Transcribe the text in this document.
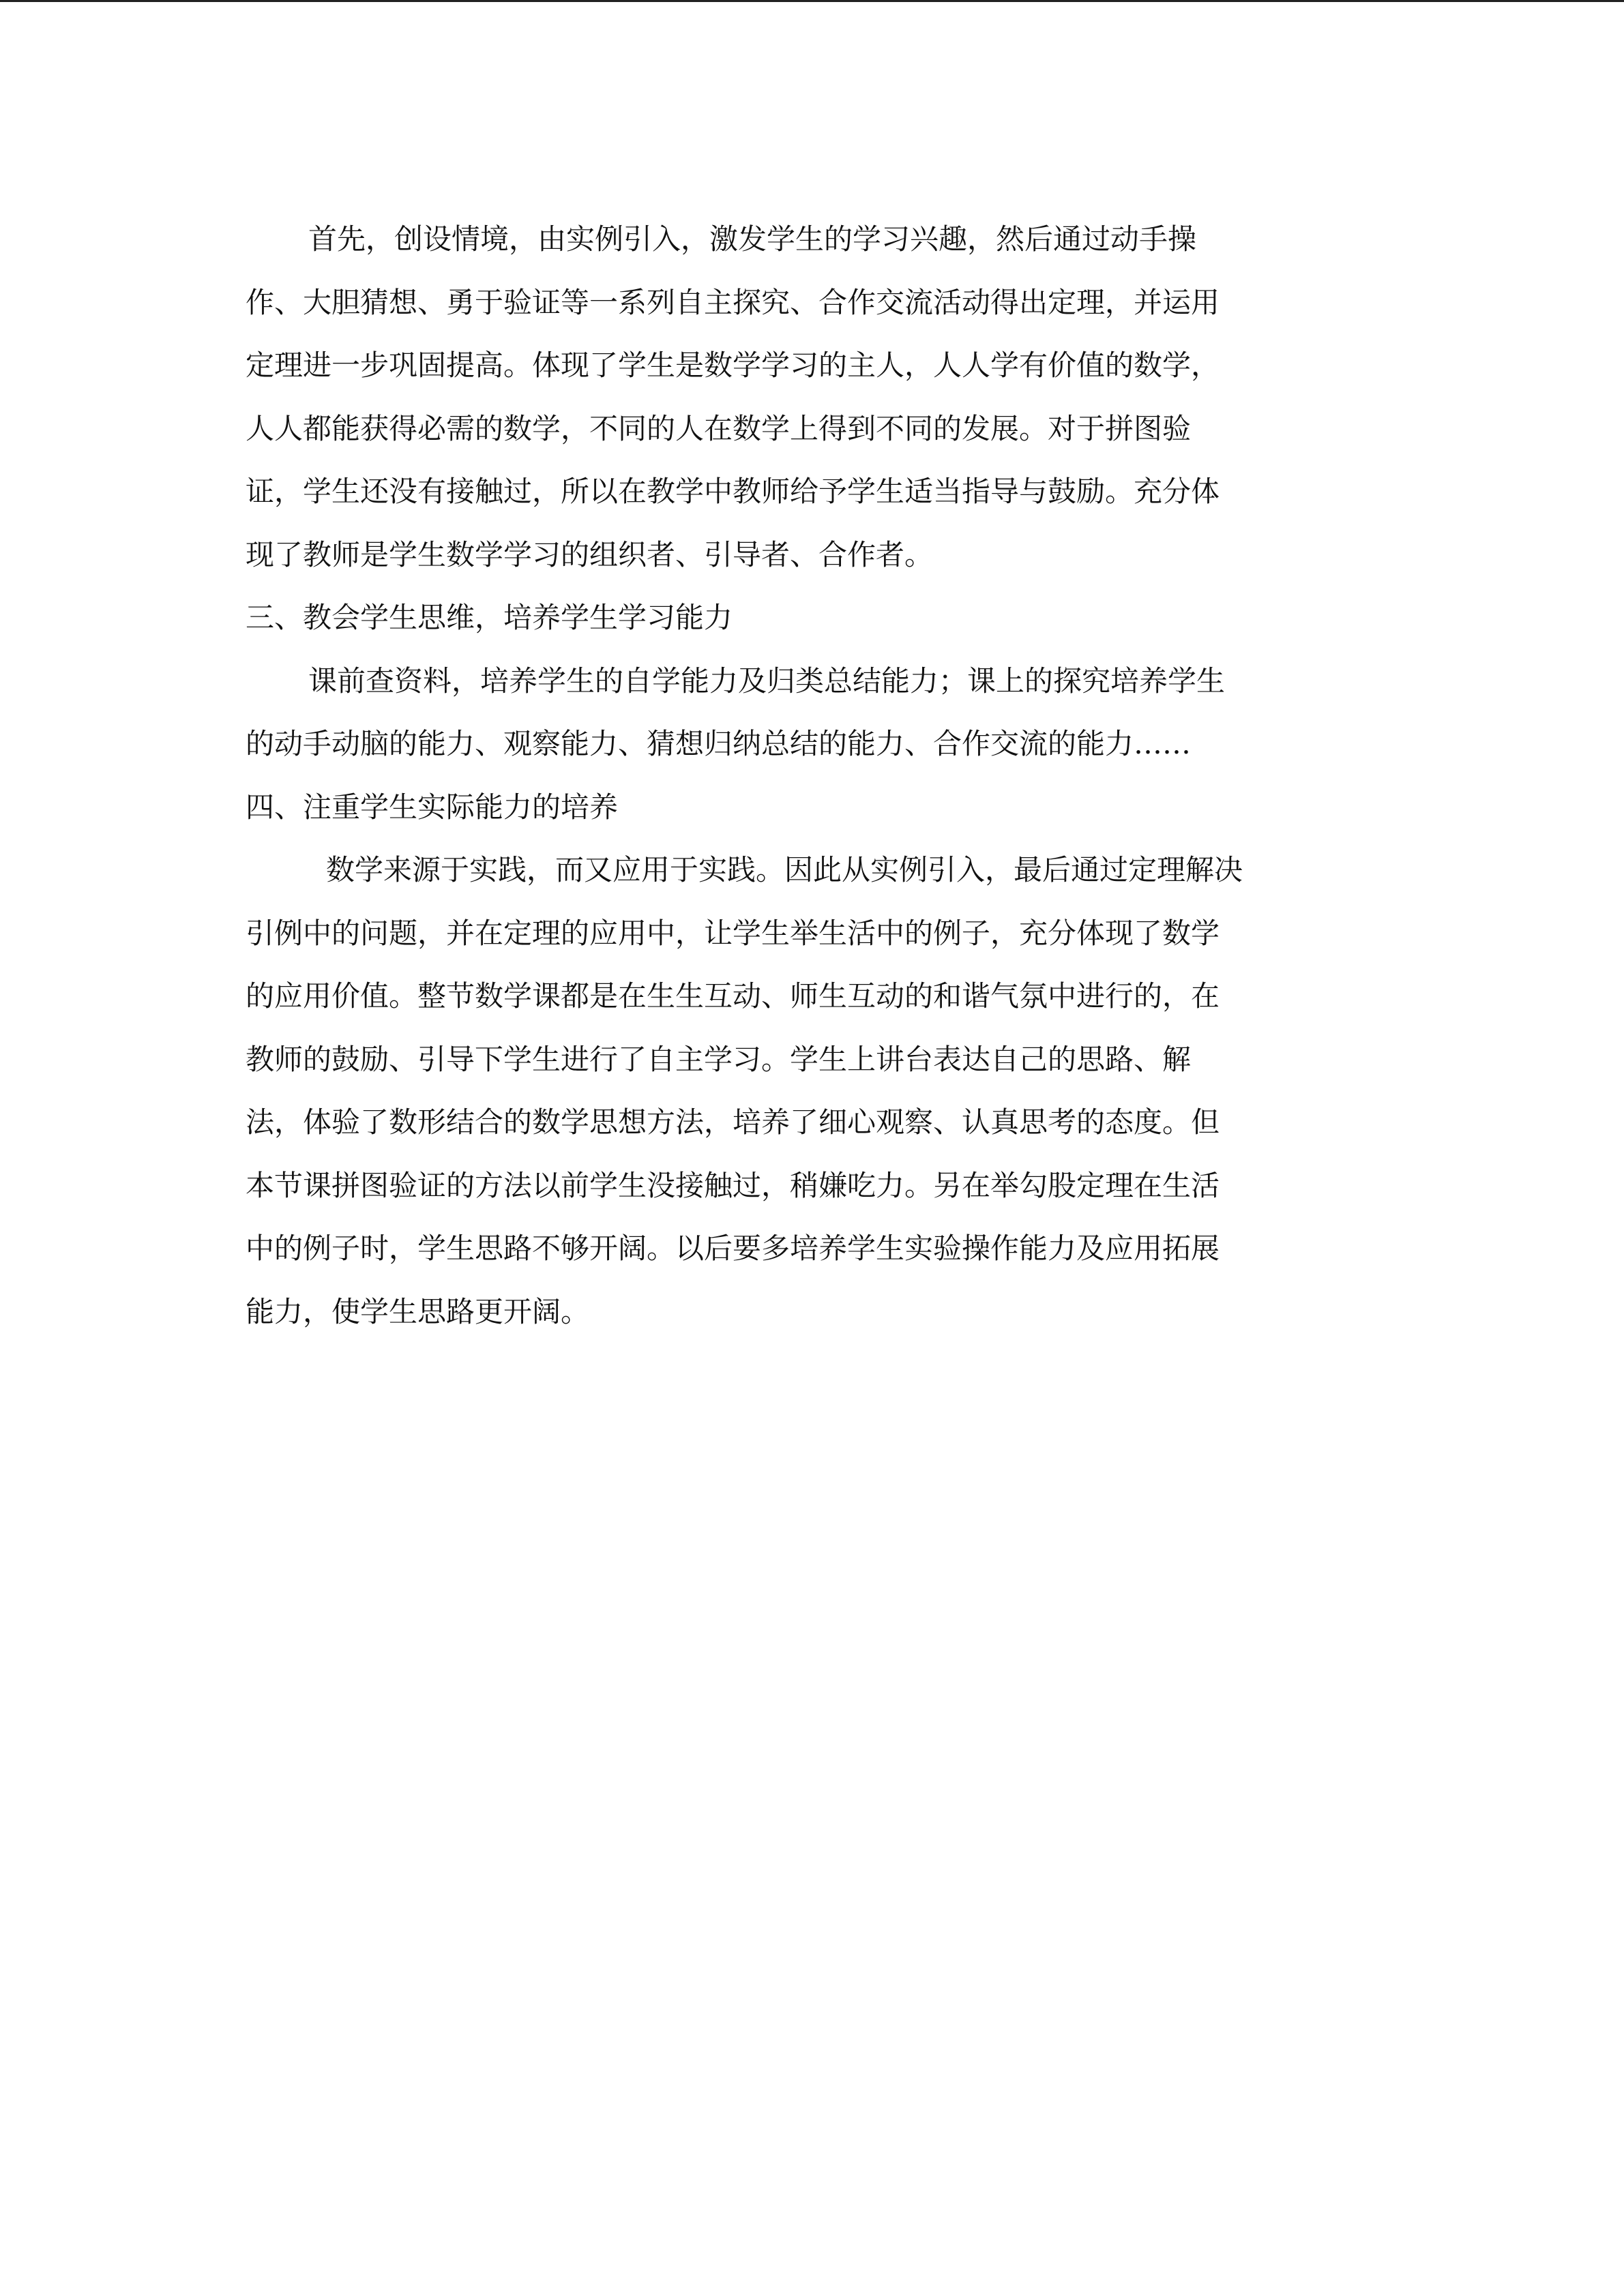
首先，创设情境，由实例引入，激发学生的学习兴趣，然后通过动手操
作、大胆猜想、勇于验证等一系列自主探究、合作交流活动得出定理，并运用
定理进一步巩固提高。体现了学生是数学学习的主人，人人学有价值的数学，
人人都能获得必需的数学，不同的人在数学上得到不同的发展。对于拼图验
证，学生还没有接触过，所以在教学中教师给予学生适当指导与鼓励。充分体
现了教师是学生数学学习的组织者、引导者、合作者。
三、教会学生思维，培养学生学习能力
课前查资料，培养学生的自学能力及归类总结能力；课上的探究培养学生
的动手动脑的能力、观察能力、猜想归纳总结的能力、合作交流的能力……
四、注重学生实际能力的培养
数学来源于实践，而又应用于实践。因此从实例引入，最后通过定理解决
引例中的问题，并在定理的应用中，让学生举生活中的例子，充分体现了数学
的应用价值。整节数学课都是在生生互动、师生互动的和谐气氛中进行的，在
教师的鼓励、引导下学生进行了自主学习。学生上讲台表达自己的思路、解
法，体验了数形结合的数学思想方法，培养了细心观察、认真思考的态度。但
本节课拼图验证的方法以前学生没接触过，稍嫌吃力。另在举勾股定理在生活
中的例子时，学生思路不够开阔。以后要多培养学生实验操作能力及应用拓展
能力，使学生思路更开阔。
